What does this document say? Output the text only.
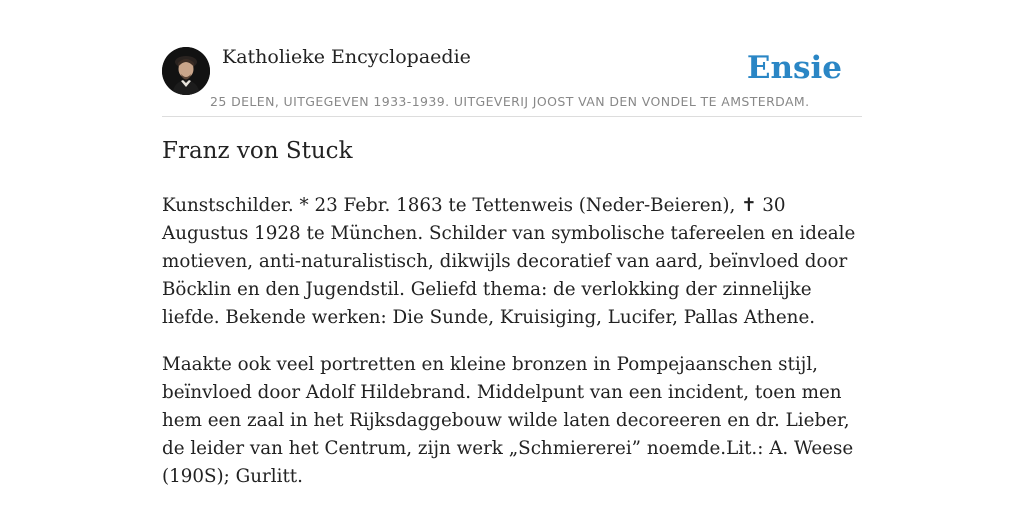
Katholieke Encyclopaedie	Ensie
25 DELEN, UITGEGEVEN 1933-1939. UITGEVERIJ JOOST VAN DEN VONDEL TE AMSTERDAM.
Franz von Stuck

Kunstschilder. * 23 Febr. 1863 te Tettenweis (Neder-Beieren), ✝ 30 Augustus 1928 te München. Schilder van symbolische tafereelen en ideale motieven, anti-naturalistisch, dikwijls decoratief van aard, beïnvloed door Böcklin en den Jugendstil. Geliefd thema: de verlokking der zinnelijke liefde. Bekende werken: Die Sunde, Kruisiging, Lucifer, Pallas Athene.

Maakte ook veel portretten en kleine bronzen in Pompejaanschen stijl, beïnvloed door Adolf Hildebrand. Middelpunt van een incident, toen men hem een zaal in het Rijksdaggebouw wilde laten decoreeren en dr. Lieber, de leider van het Centrum, zijn werk „Schmiererei” noemde.Lit.: A. Weese (190S); Gurlitt.
